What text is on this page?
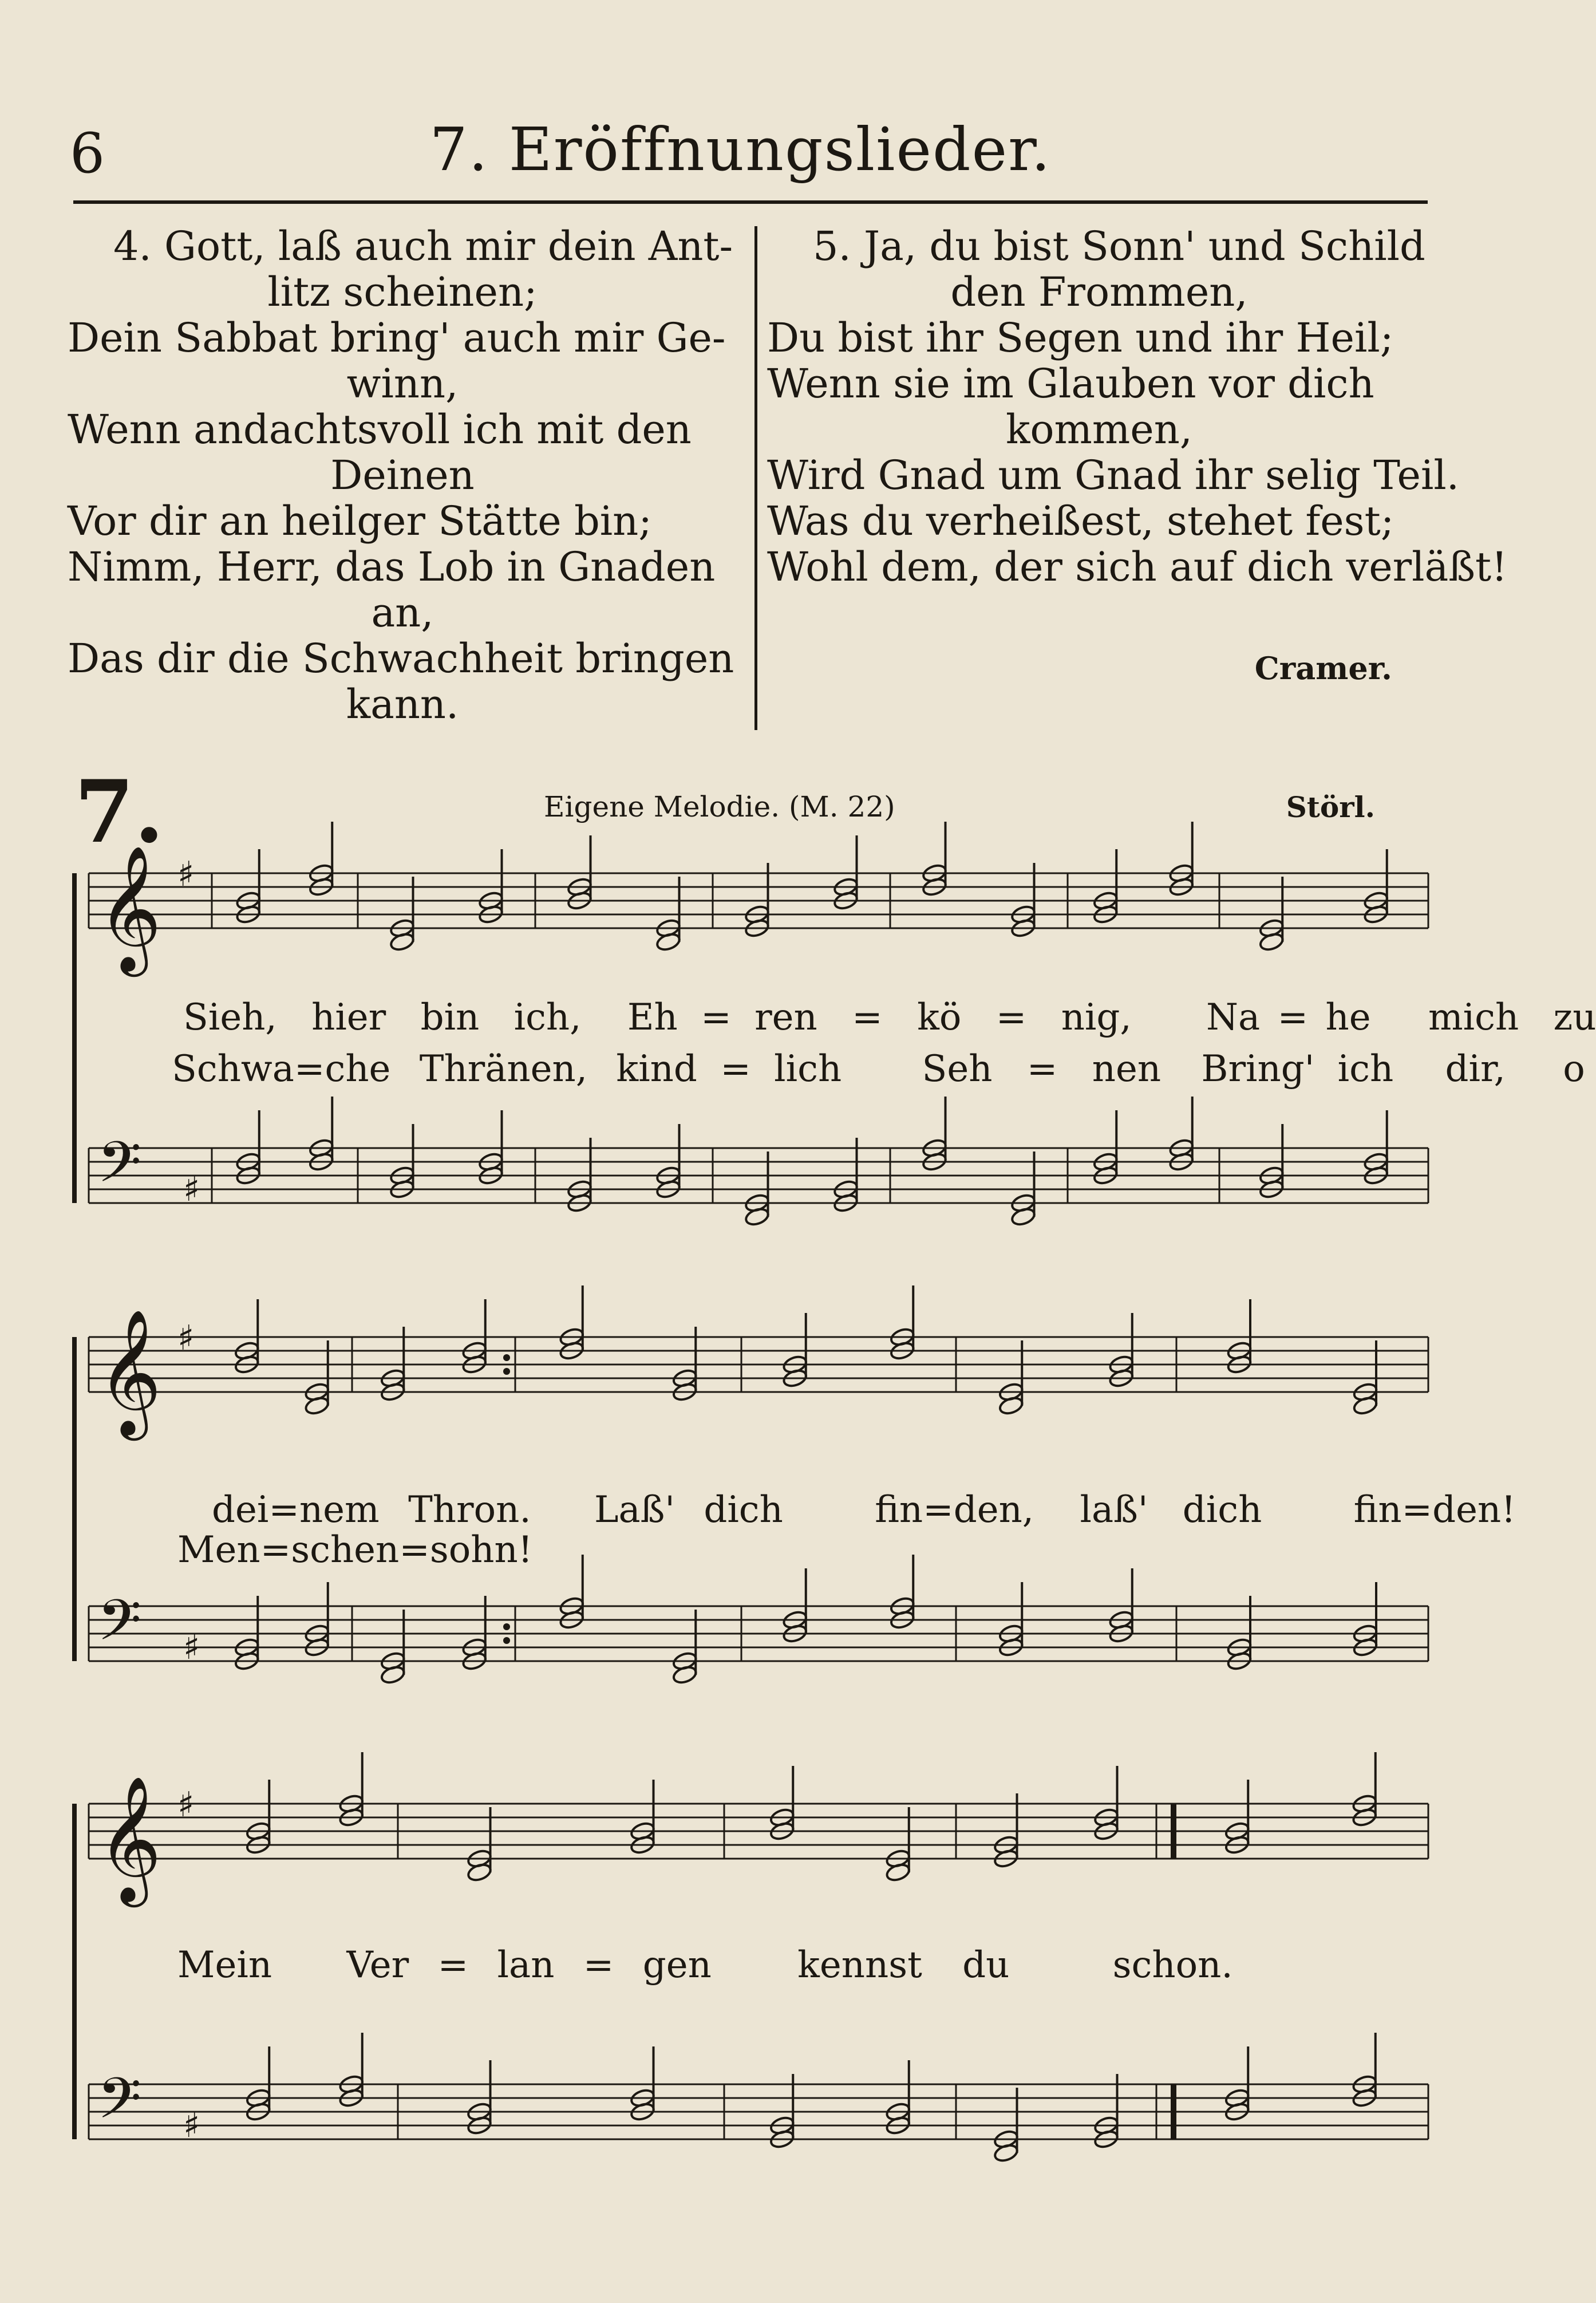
6	7. Eröffnungslieder.
4. Gott, laß auch mir dein Ant-
litz scheinen;
Dein Sabbat bring' auch mir Ge-
winn,
Wenn andachtsvoll ich mit den
Deinen
Vor dir an heilger Stätte bin;
Nimm, Herr, das Lob in Gnaden
an,
Das dir die Schwachheit bringen
kann.
5. Ja, du bist Sonn' und Schild
den Frommen,
Du bist ihr Segen und ihr Heil;
Wenn sie im Glauben vor dich
kommen,
Wird Gnad um Gnad ihr selig Teil.
Was du verheißest, stehet fest;
Wohl dem, der sich auf dich verläßt!
Cramer.
7.	Eigene Melodie. (M. 22)	Störl.
𝄞
𝄢
♯
♯
𝄞
𝄢
♯
♯
𝄞
𝄢
♯
♯
Sieh, hier bin ich, Eh = ren = kö = nig, Na = he mich zu
Schwa=che Thränen, kind = lich Seh = nen Bring' ich dir, o
dei=nem Thron. Laß' dich	fin=den, laß' dich	fin=den!
Men=schen=sohn!
Mein Ver = lan = gen kennst du	schon.
